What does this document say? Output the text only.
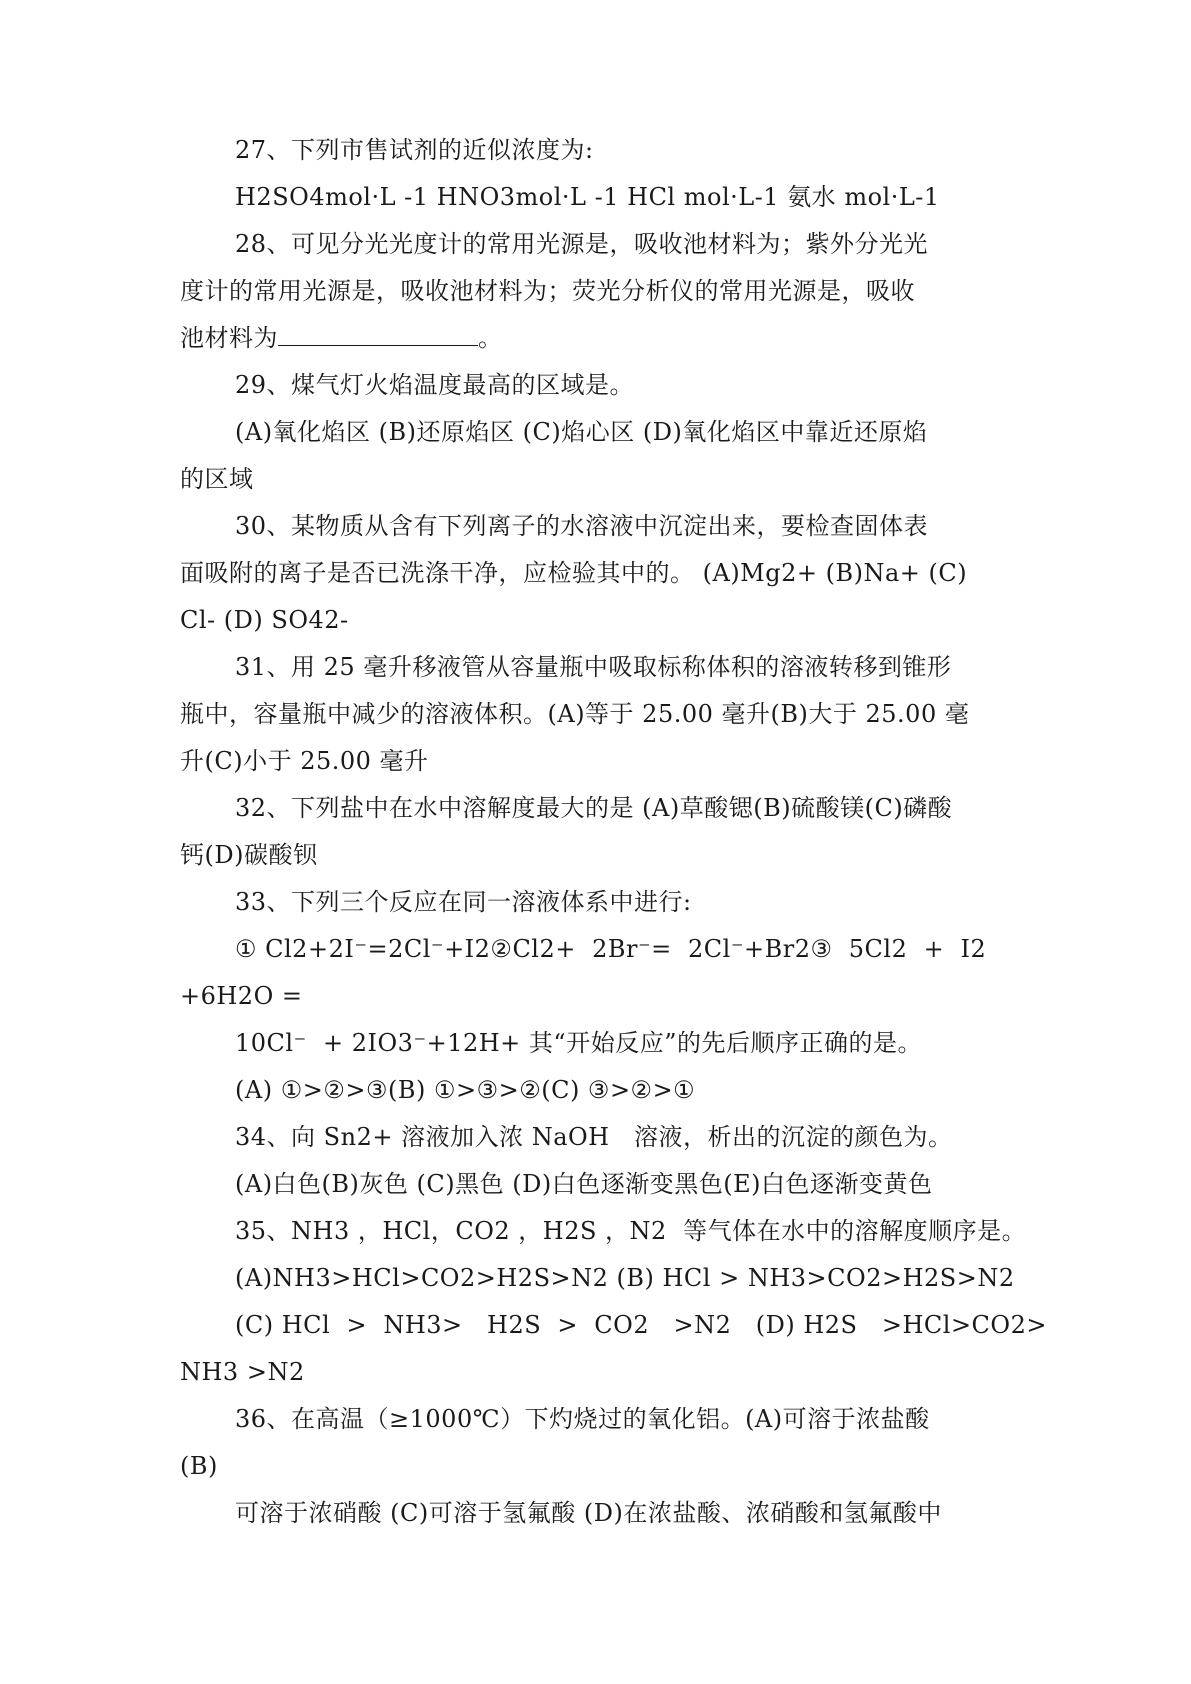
27、下列市售试剂的近似浓度为:
H2SO4mol·L -1 HNO3mol·L -1 HCl mol·L-1 氨水 mol·L-1
28、可见分光光度计的常用光源是，吸收池材料为；紫外分光光
度计的常用光源是，吸收池材料为；荧光分析仪的常用光源是，吸收
池材料为	。
29、煤气灯火焰温度最高的区域是。
(A)氧化焰区 (B)还原焰区 (C)焰心区 (D)氧化焰区中靠近还原焰
的区域
30、某物质从含有下列离子的水溶液中沉淀出来，要检查固体表
面吸附的离子是否已洗涤干净，应检验其中的。 (A)Mg2+ (B)Na+ (C)
Cl- (D) SO42-
31、用 25 毫升移液管从容量瓶中吸取标称体积的溶液转移到锥形
瓶中，容量瓶中减少的溶液体积。(A)等于 25.00 毫升(B)大于 25.00 毫
升(C)小于 25.00 毫升
32、下列盐中在水中溶解度最大的是 (A)草酸锶(B)硫酸镁(C)磷酸
钙(D)碳酸钡
33、下列三个反应在同一溶液体系中进行:
① Cl2+2I⁻=2Cl⁻+I2②Cl2+  2Br⁻=  2Cl⁻+Br2③  5Cl2  +  I2
+6H2O =
10Cl⁻  + 2IO3⁻+12H+ 其“开始反应”的先后顺序正确的是。
(A) ①>②>③(B) ①>③>②(C) ③>②>①
34、向 Sn2+ 溶液加入浓 NaOH   溶液，析出的沉淀的颜色为。
(A)白色(B)灰色 (C)黑色 (D)白色逐渐变黑色(E)白色逐渐变黄色
35、NH3 ，HCl，CO2 ，H2S ，N2  等气体在水中的溶解度顺序是。
(A)NH3>HCl>CO2>H2S>N2 (B) HCl > NH3>CO2>H2S>N2
(C) HCl  >  NH3>   H2S  >  CO2   >N2   (D) H2S   >HCl>CO2>
NH3 >N2
36、在高温（≥1000℃）下灼烧过的氧化铝。(A)可溶于浓盐酸
(B)
可溶于浓硝酸 (C)可溶于氢氟酸 (D)在浓盐酸、浓硝酸和氢氟酸中
